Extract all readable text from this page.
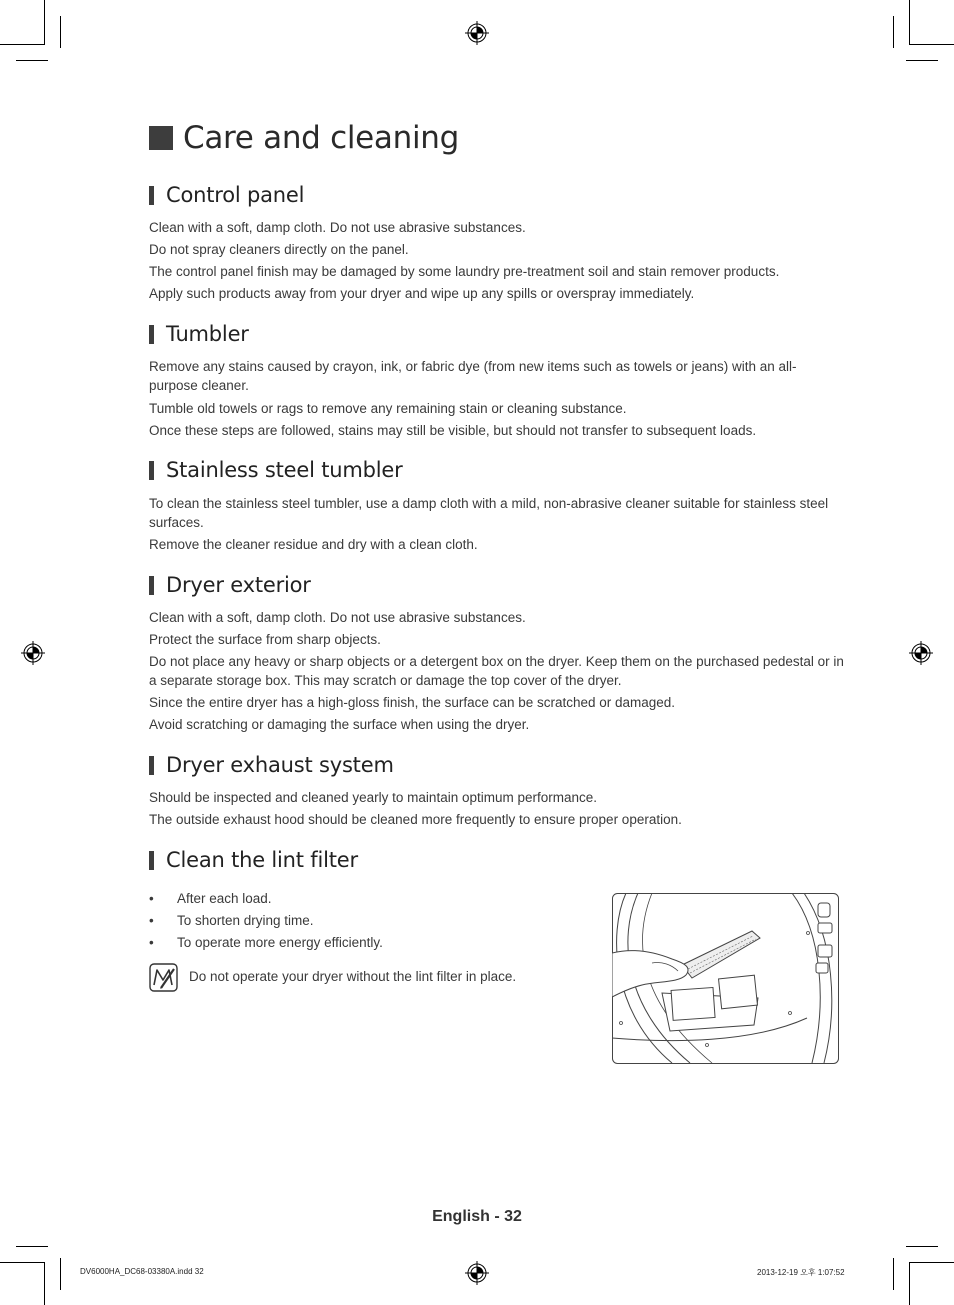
Care and cleaning
Control panel

Clean with a soft, damp cloth. Do not use abrasive substances.

Do not spray cleaners directly on the panel.

The control panel finish may be damaged by some laundry pre-treatment soil and stain remover products.

Apply such products away from your dryer and wipe up any spills or overspray immediately.

Tumbler

Remove any stains caused by crayon, ink, or fabric dye (from new items such as towels or jeans) with an all-purpose cleaner.

Tumble old towels or rags to remove any remaining stain or cleaning substance.

Once these steps are followed, stains may still be visible, but should not transfer to subsequent loads.

Stainless steel tumbler

To clean the stainless steel tumbler, use a damp cloth with a mild, non-abrasive cleaner suitable for stainless steel surfaces.

Remove the cleaner residue and dry with a clean cloth.

Dryer exterior

Clean with a soft, damp cloth. Do not use abrasive substances.

Protect the surface from sharp objects.

Do not place any heavy or sharp objects or a detergent box on the dryer. Keep them on the purchased pedestal or in a separate storage box. This may scratch or damage the top cover of the dryer.

Since the entire dryer has a high-gloss finish, the surface can be scratched or damaged.

Avoid scratching or damaging the surface when using the dryer.

Dryer exhaust system

Should be inspected and cleaned yearly to maintain optimum performance.

The outside exhaust hood should be cleaned more frequently to ensure proper operation.

Clean the lint filter
• After each load.
• To shorten drying time.
• To operate more energy efficiently.
Do not operate your dryer without the lint filter in place.
English - 32
DV6000HA_DC68-03380A.indd 32	2013-12-19 오후 1:07:52
